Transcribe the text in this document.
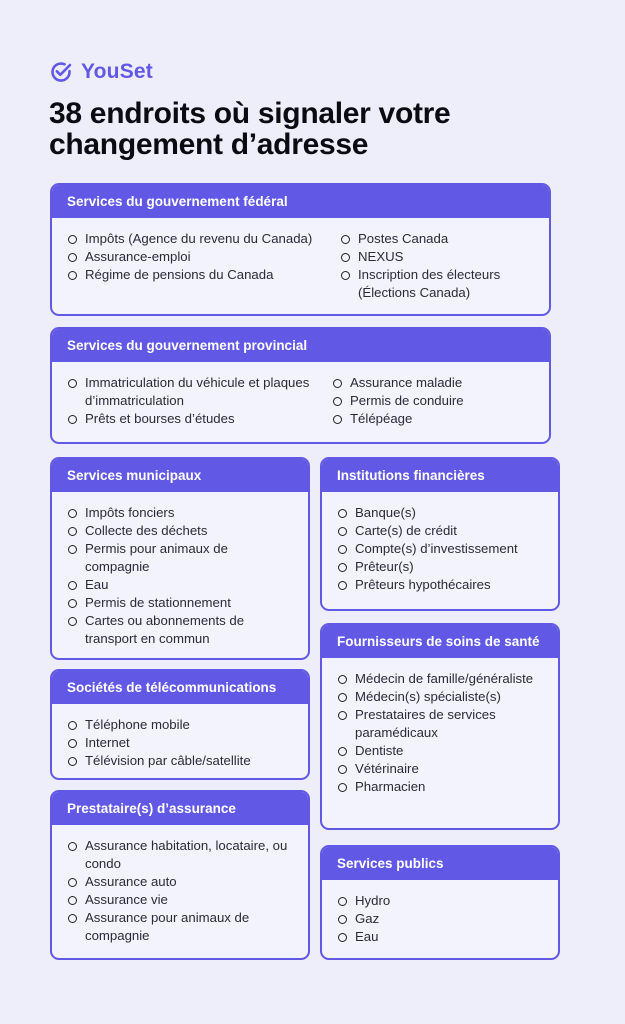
YouSet
38 endroits où signaler votre
changement d’adresse
Services du gouvernement fédéral
Impôts (Agence du revenu du Canada)
Assurance-emploi
Régime de pensions du Canada
Postes Canada
NEXUS
Inscription des électeurs (Élections Canada)
Services du gouvernement provincial
Immatriculation du véhicule et plaques d’immatriculation
Prêts et bourses d’études
Assurance maladie
Permis de conduire
Télépéage
Services municipaux
Impôts fonciers
Collecte des déchets
Permis pour animaux de compagnie
Eau
Permis de stationnement
Cartes ou abonnements de transport en commun
Institutions financières
Banque(s)
Carte(s) de crédit
Compte(s) d’investissement
Prêteur(s)
Prêteurs hypothécaires
Sociétés de télécommunications
Téléphone mobile
Internet
Télévision par câble/satellite
Fournisseurs de soins de santé
Médecin de famille/généraliste
Médecin(s) spécialiste(s)
Prestataires de services paramédicaux
Dentiste
Vétérinaire
Pharmacien
Prestataire(s) d’assurance
Assurance habitation, locataire, ou condo
Assurance auto
Assurance vie
Assurance pour animaux de compagnie
Services publics
Hydro
Gaz
Eau
